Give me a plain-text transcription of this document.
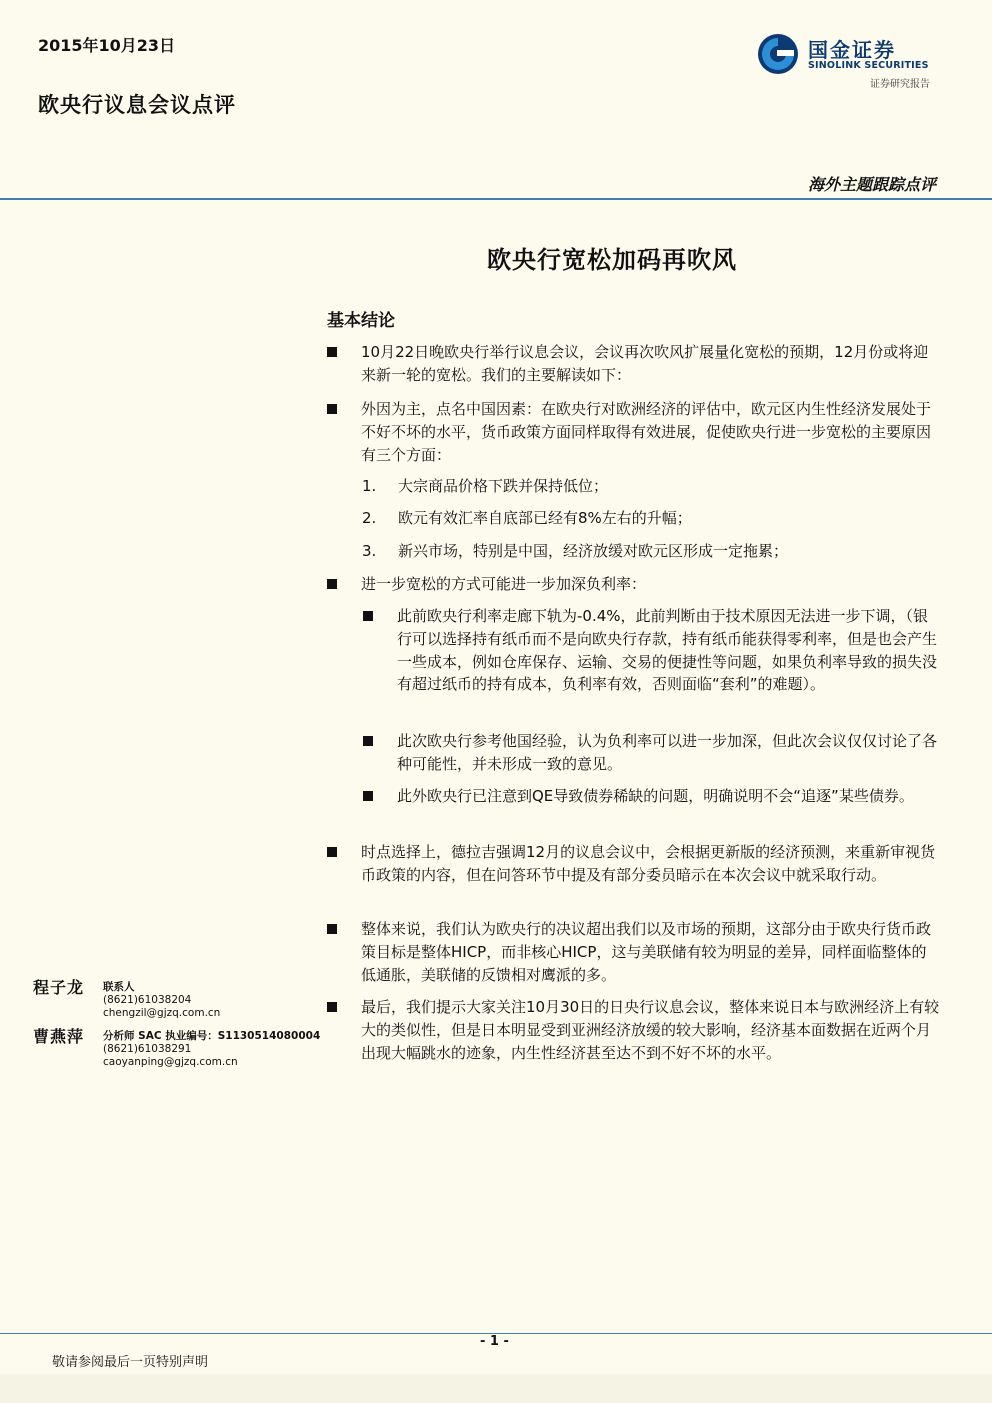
2015年10月23日
欧央行议息会议点评
国金证券
SINOLINK SECURITIES
证券研究报告
海外主题跟踪点评
欧央行宽松加码再吹风
基本结论
10月22日晚欧央行举行议息会议，会议再次吹风扩展量化宽松的预期，12月份或将迎来新一轮的宽松。我们的主要解读如下：
外因为主，点名中国因素：在欧央行对欧洲经济的评估中，欧元区内生性经济发展处于不好不坏的水平，货币政策方面同样取得有效进展，促使欧央行进一步宽松的主要原因有三个方面：
1. 大宗商品价格下跌并保持低位；
2. 欧元有效汇率自底部已经有8%左右的升幅；
3. 新兴市场，特别是中国，经济放缓对欧元区形成一定拖累；
进一步宽松的方式可能进一步加深负利率：
此前欧央行利率走廊下轨为-0.4%，此前判断由于技术原因无法进一步下调，（银行可以选择持有纸币而不是向欧央行存款，持有纸币能获得零利率，但是也会产生一些成本，例如仓库保存、运输、交易的便捷性等问题，如果负利率导致的损失没有超过纸币的持有成本，负利率有效，否则面临“套利”的难题）。
此次欧央行参考他国经验，认为负利率可以进一步加深，但此次会议仅仅讨论了各种可能性，并未形成一致的意见。
此外欧央行已注意到QE导致债券稀缺的问题，明确说明不会“追逐”某些债券。
时点选择上，德拉吉强调12月的议息会议中，会根据更新版的经济预测，来重新审视货币政策的内容，但在问答环节中提及有部分委员暗示在本次会议中就采取行动。
整体来说，我们认为欧央行的决议超出我们以及市场的预期，这部分由于欧央行货币政策目标是整体HICP，而非核心HICP，这与美联储有较为明显的差异，同样面临整体的低通胀，美联储的反馈相对鹰派的多。
最后，我们提示大家关注10月30日的日央行议息会议，整体来说日本与欧洲经济上有较大的类似性，但是日本明显受到亚洲经济放缓的较大影响，经济基本面数据在近两个月出现大幅跳水的迹象，内生性经济甚至达不到不好不坏的水平。
程子龙 联系人
(8621)61038204
chengzil@gjzq.com.cn
曹燕萍 分析师 SAC 执业编号：S1130514080004
(8621)61038291
caoyanping@gjzq.com.cn
- 1 -
敬请参阅最后一页特别声明
